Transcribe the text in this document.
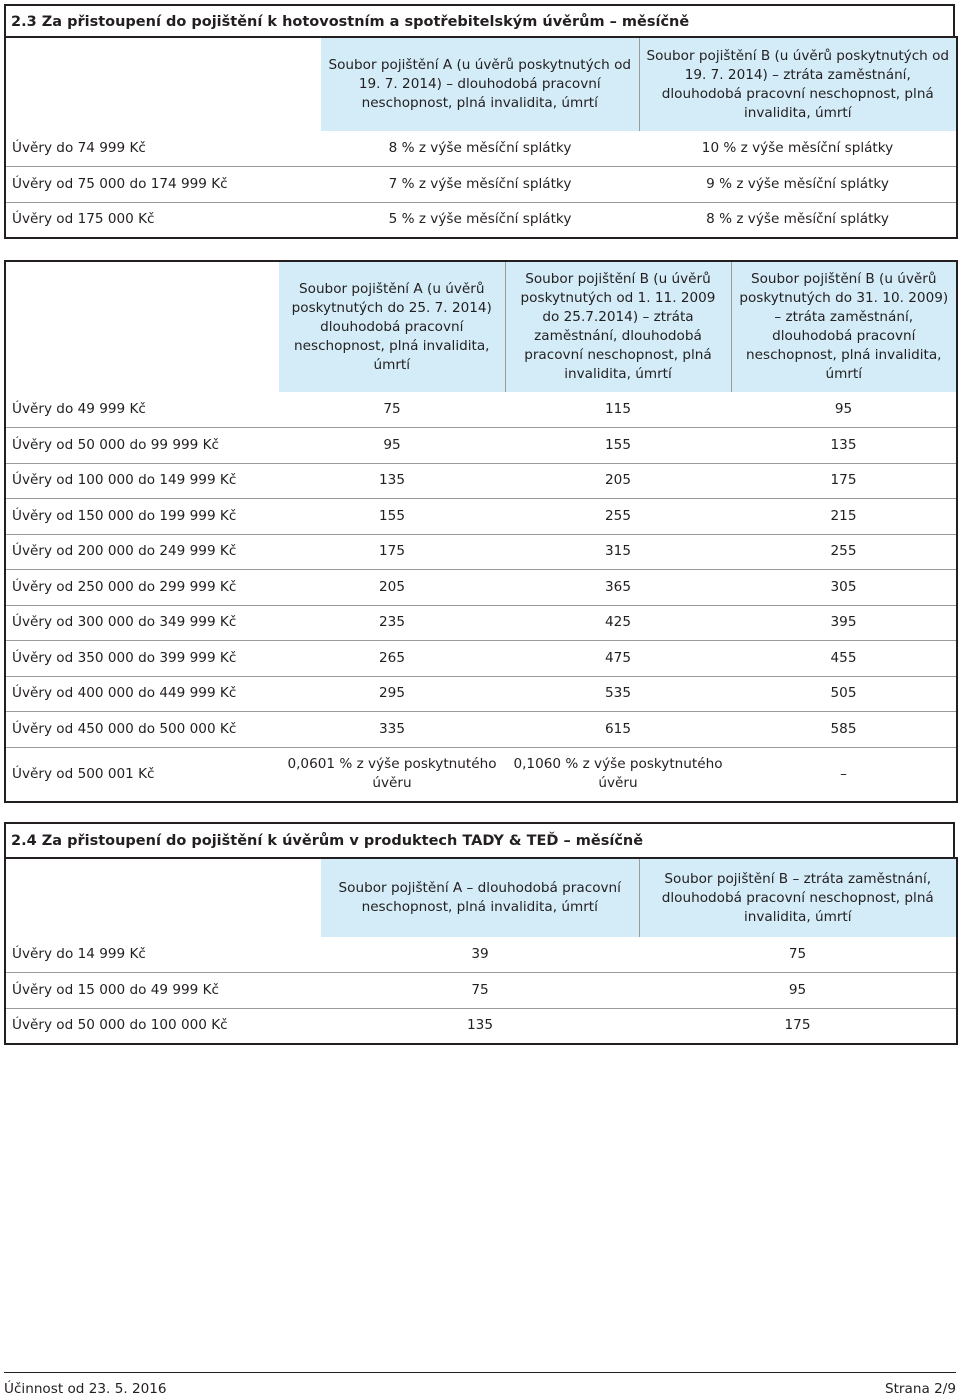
2.3 Za přistoupení do pojištění k hotovostním a spotřebitelským úvěrům – měsíčně
	Soubor pojištění A (u úvěrů poskytnutých od 19. 7. 2014) – dlouhodobá pracovní neschopnost, plná invalidita, úmrtí	Soubor pojištění B (u úvěrů poskytnutých od 19. 7. 2014) – ztráta zaměstnání, dlouhodobá pracovní neschopnost, plná invalidita, úmrtí
Úvěry do 74 999 Kč	8 % z výše měsíční splátky	10 % z výše měsíční splátky
Úvěry od 75 000 do 174 999 Kč	7 % z výše měsíční splátky	9 % z výše měsíční splátky
Úvěry od 175 000 Kč	5 % z výše měsíční splátky	8 % z výše měsíční splátky
	Soubor pojištění A (u úvěrů poskytnutých do 25. 7. 2014) dlouhodobá pracovní neschopnost, plná invalidita, úmrtí	Soubor pojištění B (u úvěrů poskytnutých od 1. 11. 2009 do 25.7.2014) – ztráta zaměstnání, dlouhodobá pracovní neschopnost, plná invalidita, úmrtí	Soubor pojištění B (u úvěrů poskytnutých do 31. 10. 2009) – ztráta zaměstnání, dlouhodobá pracovní neschopnost, plná invalidita, úmrtí
Úvěry do 49 999 Kč	75	115	95
Úvěry od 50 000 do 99 999 Kč	95	155	135
Úvěry od 100 000 do 149 999 Kč	135	205	175
Úvěry od 150 000 do 199 999 Kč	155	255	215
Úvěry od 200 000 do 249 999 Kč	175	315	255
Úvěry od 250 000 do 299 999 Kč	205	365	305
Úvěry od 300 000 do 349 999 Kč	235	425	395
Úvěry od 350 000 do 399 999 Kč	265	475	455
Úvěry od 400 000 do 449 999 Kč	295	535	505
Úvěry od 450 000 do 500 000 Kč	335	615	585
Úvěry od 500 001 Kč	0,0601 % z výše poskytnutého úvěru	0,1060 % z výše poskytnutého úvěru	–
2.4 Za přistoupení do pojištění k úvěrům v produktech TADY & TEĎ – měsíčně
	Soubor pojištění A – dlouhodobá pracovní neschopnost, plná invalidita, úmrtí	Soubor pojištění B – ztráta zaměstnání, dlouhodobá pracovní neschopnost, plná invalidita, úmrtí
Úvěry do 14 999 Kč	39	75
Úvěry od 15 000 do 49 999 Kč	75	95
Úvěry od 50 000 do 100 000 Kč	135	175
Účinnost od 23. 5. 2016	Strana 2/9
